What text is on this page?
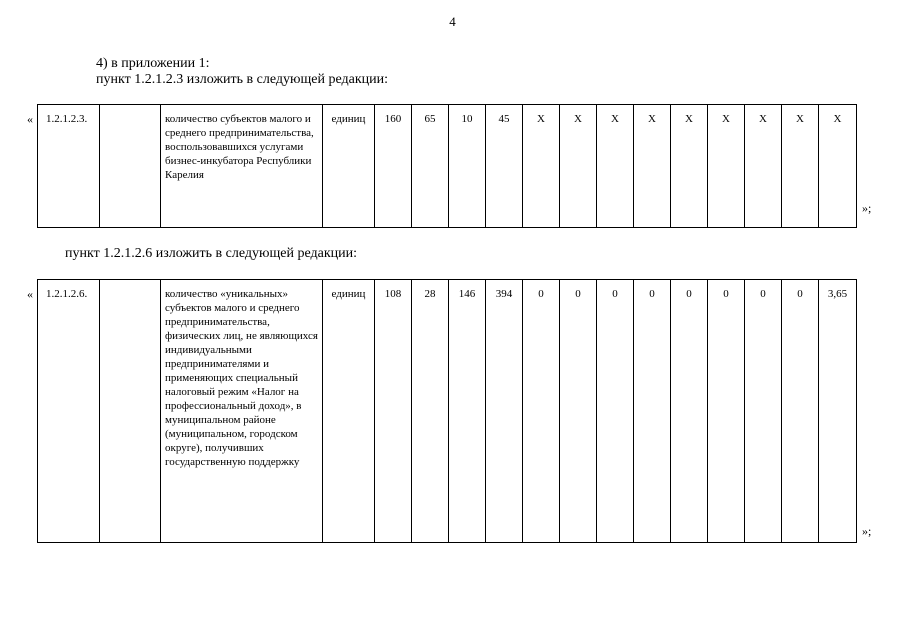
4
4) в приложении 1:
пункт 1.2.1.2.3 изложить в следующей редакции:
« 1.2.1.2.3.		количество субъектов малого и среднего предпринимательства, воспользовавшихся услугами бизнес-инкубатора Республики Карелия	единиц	160	65	10	45	X	X	X	X	X	X	X	X	X
»;
пункт 1.2.1.2.6 изложить в следующей редакции:
« 1.2.1.2.6.		количество «уникальных» субъектов малого и среднего предпринимательства, физических лиц, не являющихся индивидуальными предпринимателями и применяющих специальный налоговый режим «Налог на профессиональный доход», в муниципальном районе (муниципальном, городском округе), получивших государственную поддержку	единиц	108	28	146	394	0	0	0	0	0	0	0	0	3,65
»;
